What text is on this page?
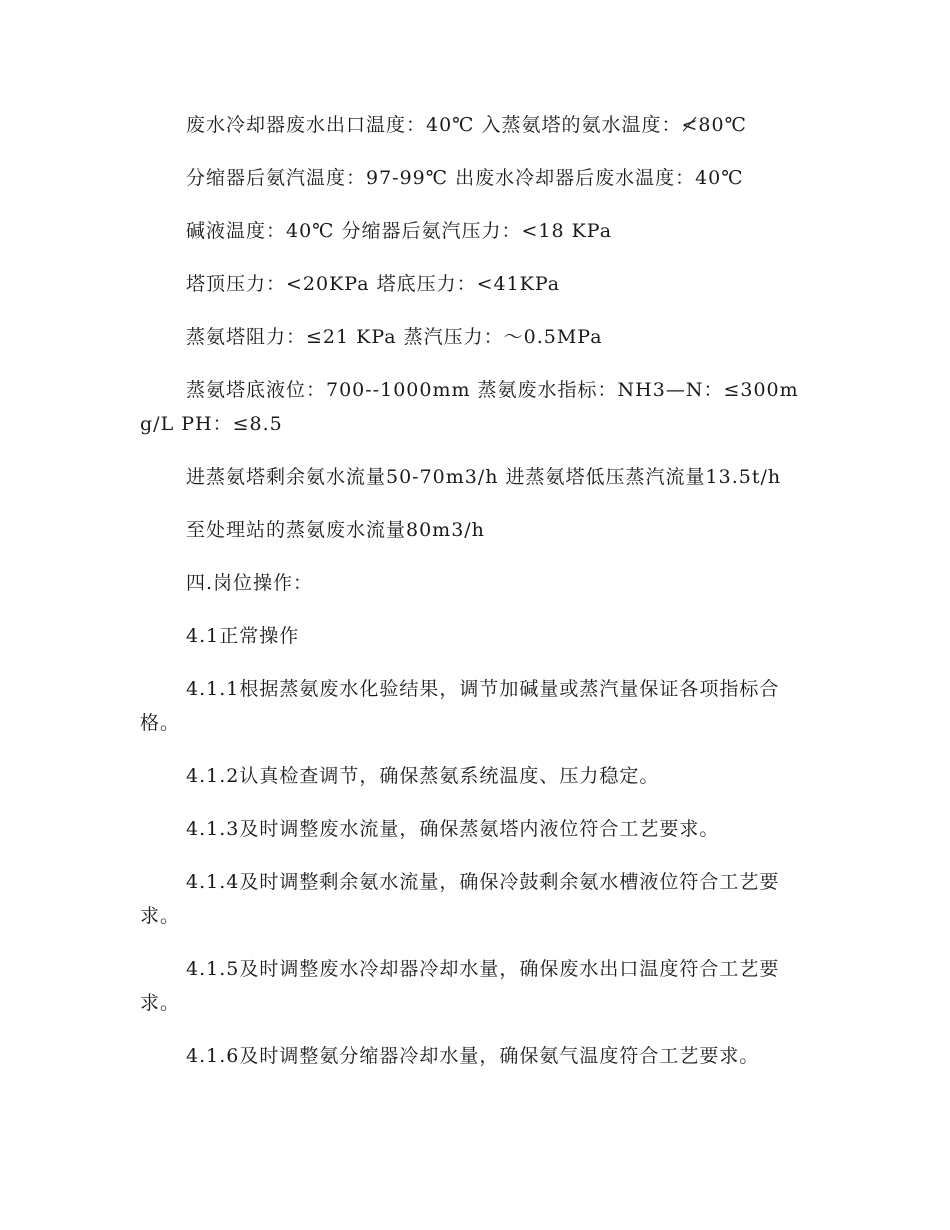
废水冷却器废水出口温度：40℃ 入蒸氨塔的氨水温度：≮80℃

分缩器后氨汽温度：97-99℃ 出废水冷却器后废水温度：40℃

碱液温度：40℃ 分缩器后氨汽压力：<18 KPa

塔顶压力：<20KPa 塔底压力：<41KPa

蒸氨塔阻力：≤21 KPa 蒸汽压力：～0.5MPa

蒸氨塔底液位：700--1000mm 蒸氨废水指标：NH3—N：≤300mg/L PH：≤8.5

进蒸氨塔剩余氨水流量50-70m3/h 进蒸氨塔低压蒸汽流量13.5t/h

至处理站的蒸氨废水流量80m3/h

四.岗位操作：

4.1正常操作

4.1.1根据蒸氨废水化验结果，调节加碱量或蒸汽量保证各项指标合格。

4.1.2认真检查调节，确保蒸氨系统温度、压力稳定。

4.1.3及时调整废水流量，确保蒸氨塔内液位符合工艺要求。

4.1.4及时调整剩余氨水流量，确保冷鼓剩余氨水槽液位符合工艺要求。

4.1.5及时调整废水冷却器冷却水量，确保废水出口温度符合工艺要求。

4.1.6及时调整氨分缩器冷却水量，确保氨气温度符合工艺要求。
